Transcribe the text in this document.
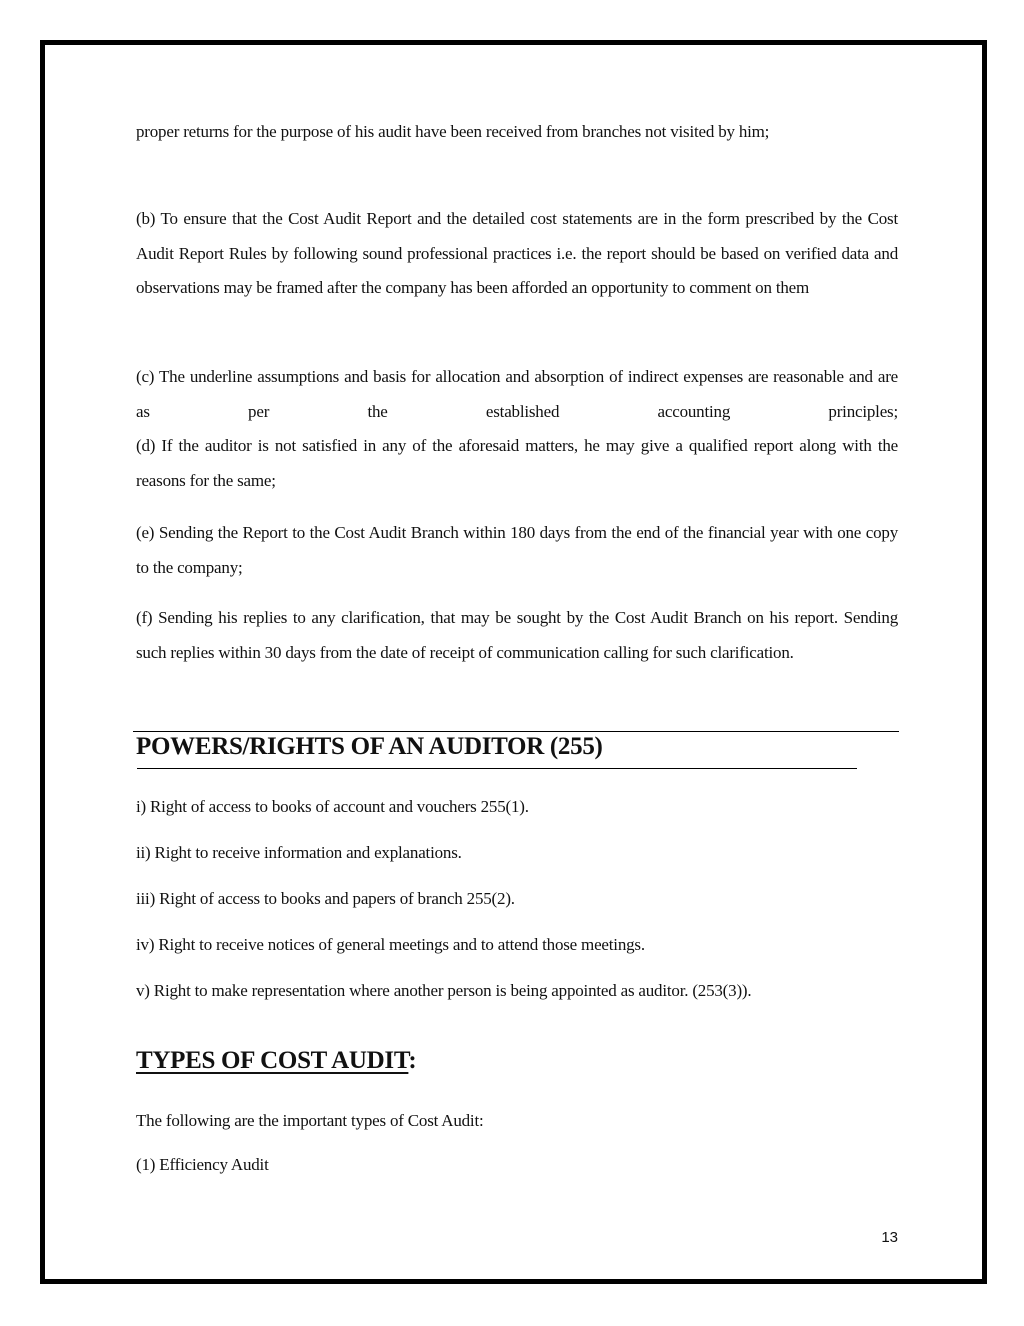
proper returns for the purpose of his audit have been received from branches not visited by him;

(b) To ensure that the Cost Audit Report and the detailed cost statements are in the form prescribed by the Cost Audit Report Rules by following sound professional practices i.e. the report should be based on verified data and observations may be framed after the company has been afforded an opportunity to comment on them

(c) The underline assumptions and basis for allocation and absorption of indirect expenses are reasonable and are as per the established accounting principles;

(d) If the auditor is not satisfied in any of the aforesaid matters, he may give a qualified report along with the reasons for the same;

(e) Sending the Report to the Cost Audit Branch within 180 days from the end of the financial year with one copy to the company;

(f) Sending his replies to any clarification, that may be sought by the Cost Audit Branch on his report. Sending such replies within 30 days from the date of receipt of communication calling for such clarification.

POWERS/RIGHTS OF AN AUDITOR (255)

i) Right of access to books of account and vouchers 255(1).

ii) Right to receive information and explanations.

iii) Right of access to books and papers of branch 255(2).

iv) Right to receive notices of general meetings and to attend those meetings.

v) Right to make representation where another person is being appointed as auditor. (253(3)).

TYPES OF COST AUDIT:

The following are the important types of Cost Audit:

(1) Efficiency Audit

13
